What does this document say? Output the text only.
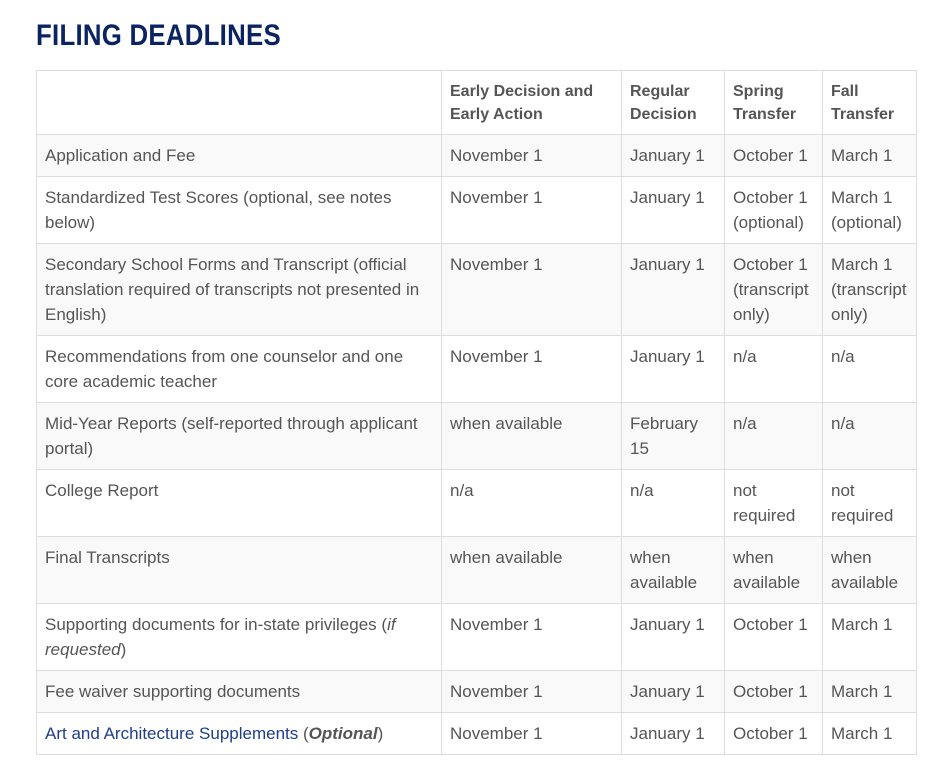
FILING DEADLINES
	Early Decision and Early Action	Regular Decision	Spring Transfer	Fall Transfer
Application and Fee	November 1	January 1	October 1	March 1
Standardized Test Scores (optional, see notes below)	November 1	January 1	October 1 (optional)	March 1 (optional)
Secondary School Forms and Transcript (official translation required of transcripts not presented in English)	November 1	January 1	October 1 (transcript only)	March 1 (transcript only)
Recommendations from one counselor and one core academic teacher	November 1	January 1	n/a	n/a
Mid-Year Reports (self-reported through applicant portal)	when available	February 15	n/a	n/a
College Report	n/a	n/a	not required	not required
Final Transcripts	when available	when available	when available	when available
Supporting documents for in-state privileges (if requested)	November 1	January 1	October 1	March 1
Fee waiver supporting documents	November 1	January 1	October 1	March 1
Art and Architecture Supplements (Optional)	November 1	January 1	October 1	March 1
